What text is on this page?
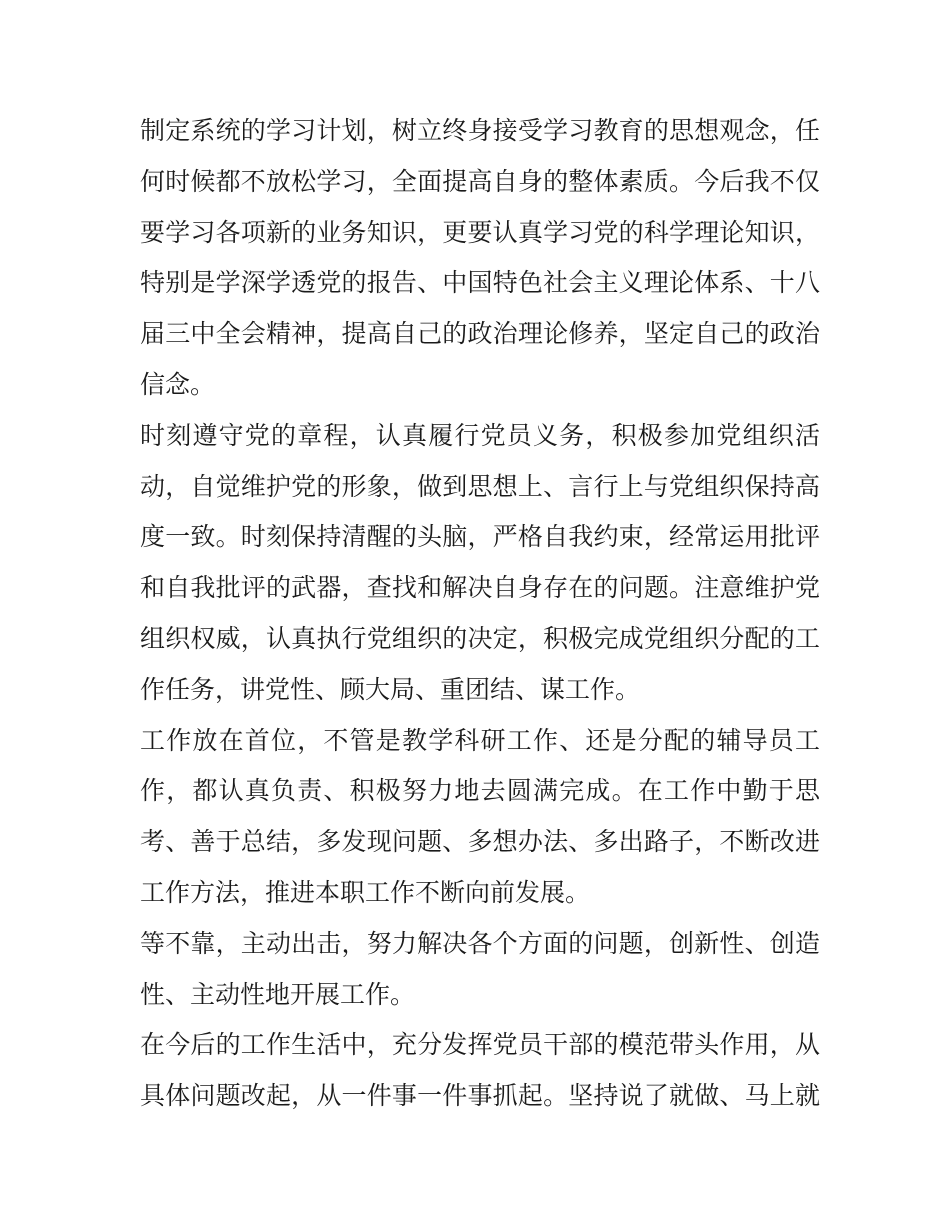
制定系统的学习计划，树立终身接受学习教育的思想观念，任
何时候都不放松学习，全面提高自身的整体素质。今后我不仅
要学习各项新的业务知识，更要认真学习党的科学理论知识，
特别是学深学透党的报告、中国特色社会主义理论体系、十八
届三中全会精神，提高自己的政治理论修养，坚定自己的政治
信念。
时刻遵守党的章程，认真履行党员义务，积极参加党组织活
动，自觉维护党的形象，做到思想上、言行上与党组织保持高
度一致。时刻保持清醒的头脑，严格自我约束，经常运用批评
和自我批评的武器，查找和解决自身存在的问题。注意维护党
组织权威，认真执行党组织的决定，积极完成党组织分配的工
作任务，讲党性、顾大局、重团结、谋工作。
工作放在首位，不管是教学科研工作、还是分配的辅导员工
作，都认真负责、积极努力地去圆满完成。在工作中勤于思
考、善于总结，多发现问题、多想办法、多出路子，不断改进
工作方法，推进本职工作不断向前发展。
等不靠，主动出击，努力解决各个方面的问题，创新性、创造
性、主动性地开展工作。
在今后的工作生活中，充分发挥党员干部的模范带头作用，从
具体问题改起，从一件事一件事抓起。坚持说了就做、马上就
